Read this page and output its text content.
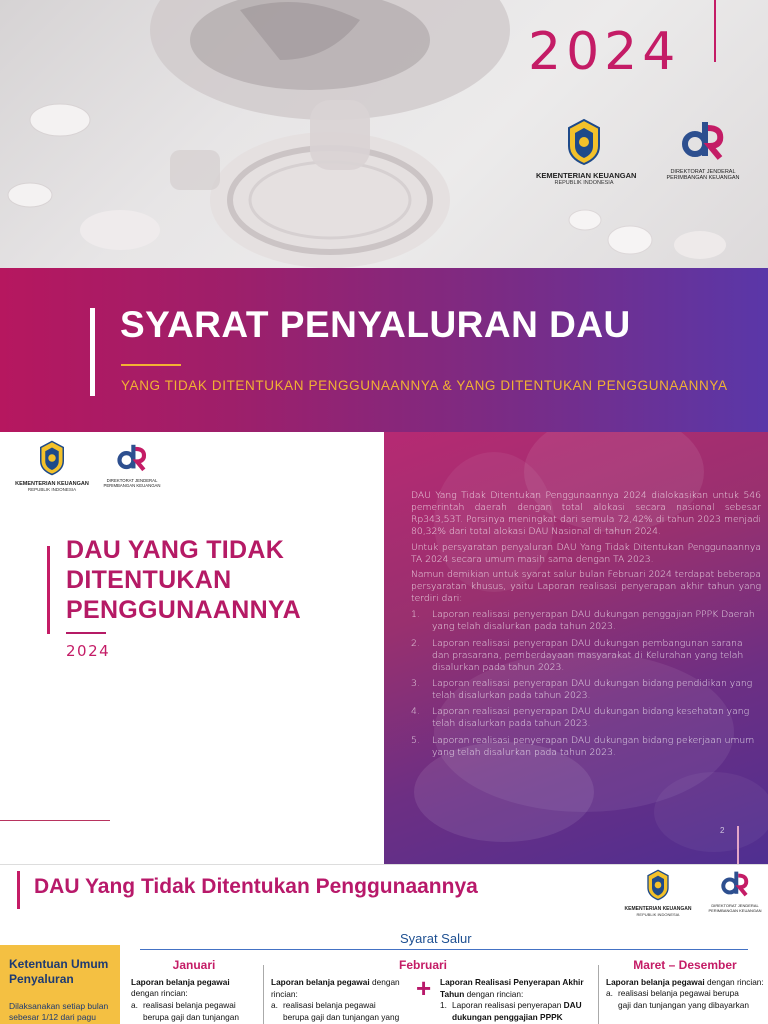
2024
KEMENTERIAN KEUANGAN
REPUBLIK INDONESIA
DIREKTORAT JENDERAL
PERIMBANGAN KEUANGAN
SYARAT PENYALURAN DAU
YANG TIDAK DITENTUKAN PENGGUNAANNYA & YANG DITENTUKAN PENGGUNAANNYA
KEMENTERIAN KEUANGAN
REPUBLIK INDONESIA
DIREKTORAT JENDERAL
PERIMBANGAN KEUANGAN
DAU YANG TIDAK
DITENTUKAN
PENGGUNAANNYA
2024

DAU Yang Tidak Ditentukan Penggunaannya 2024 dialokasikan untuk 546 pemerintah daerah dengan total alokasi secara nasional sebesar Rp343,53T. Porsinya meningkat dari semula 72,42% di tahun 2023 menjadi 80,32% dari total alokasi DAU Nasional di tahun 2024.

Untuk persyaratan penyaluran DAU Yang Tidak Ditentukan Penggunaannya TA 2024 secara umum masih sama dengan TA 2023.

Namun demikian untuk syarat salur bulan Februari 2024 terdapat beberapa persyaratan khusus, yaitu Laporan realisasi penyerapan akhir tahun yang terdiri dari:

1. Laporan realisasi penyerapan DAU dukungan penggajian PPPK Daerah yang telah disalurkan pada tahun 2023.
2. Laporan realisasi penyerapan DAU dukungan pembangunan sarana dan prasarana, pemberdayaan masyarakat di Kelurahan yang telah disalurkan pada tahun 2023.
3. Laporan realisasi penyerapan DAU dukungan bidang pendidikan yang telah disalurkan pada tahun 2023.
4. Laporan realisasi penyerapan DAU dukungan bidang kesehatan yang telah disalurkan pada tahun 2023.
5. Laporan realisasi penyerapan DAU dukungan bidang pekerjaan umum yang telah disalurkan pada tahun 2023.
2
DAU Yang Tidak Ditentukan Penggunaannya
KEMENTERIAN KEUANGAN
REPUBLIK INDONESIA
DIREKTORAT JENDERAL
PERIMBANGAN KEUANGAN
Syarat Salur
Ketentuan Umum
Penyaluran
Dilaksanakan setiap bulan
sebesar 1/12 dari pagu
Januari
Laporan belanja pegawai
dengan rincian:
a. realisasi belanja pegawai
berupa gaji dan tunjangan
Februari
Laporan belanja pegawai dengan rincian:
a. realisasi belanja pegawai
berupa gaji dan tunjangan yang
+ Laporan Realisasi Penyerapan Akhir Tahun dengan rincian:
1. Laporan realisasi penyerapan DAU
dukungan penggajian PPPK
Maret – Desember
Laporan belanja pegawai dengan rincian:
a. realisasi belanja pegawai berupa
gaji dan tunjangan yang dibayarkan
